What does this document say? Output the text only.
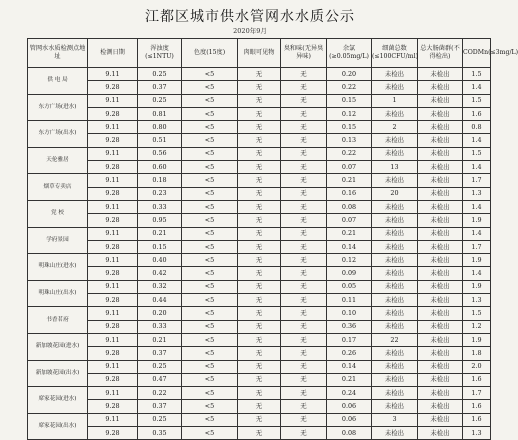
江都区城市供水管网水水质公示
2020年9月
管网水水质检测点地址	检测日期	浑浊度(≤1NTU)	色度(15度)	肉眼可见物	臭和味(无异臭异味)	余氯(≥0.05mg/L)	细菌总数(≤100CFU/ml)	总大肠菌群(不得检出)	CODMn(≤3mg/L)
供 电 局	9.11	0.25	<5	无	无	0.20	未检出	未检出	1.5
	9.28	0.37	<5	无	无	0.22	未检出	未检出	1.4
东方广场(进水)	9.11	0.25	<5	无	无	0.15	1	未检出	1.5
	9.28	0.81	<5	无	无	0.12	未检出	未检出	1.6
东方广场(出水)	9.11	0.80	<5	无	无	0.15	2	未检出	0.8
	9.28	0.51	<5	无	无	0.13	未检出	未检出	1.4
天伦雅居	9.11	0.56	<5	无	无	0.22	未检出	未检出	1.5
	9.28	0.60	<5	无	无	0.07	13	未检出	1.4
烟草专卖店	9.11	0.18	<5	无	无	0.21	未检出	未检出	1.7
	9.28	0.23	<5	无	无	0.16	20	未检出	1.3
党 校	9.11	0.33	<5	无	无	0.08	未检出	未检出	1.4
	9.28	0.95	<5	无	无	0.07	未检出	未检出	1.9
学府景园	9.11	0.21	<5	无	无	0.21	未检出	未检出	1.4
	9.28	0.15	<5	无	无	0.14	未检出	未检出	1.7
明珠山庄(进水)	9.11	0.40	<5	无	无	0.12	未检出	未检出	1.9
	9.28	0.42	<5	无	无	0.09	未检出	未检出	1.4
明珠山庄(出水)	9.11	0.32	<5	无	无	0.05	未检出	未检出	1.9
	9.28	0.44	<5	无	无	0.11	未检出	未检出	1.3
书香茗府	9.11	0.20	<5	无	无	0.10	未检出	未检出	1.5
	9.28	0.33	<5	无	无	0.36	未检出	未检出	1.2
新加坡花园(进水)	9.11	0.21	<5	无	无	0.17	22	未检出	1.9
	9.28	0.37	<5	无	无	0.26	未检出	未检出	1.8
新加坡花园(出水)	9.11	0.25	<5	无	无	0.14	未检出	未检出	2.0
	9.28	0.47	<5	无	无	0.21	未检出	未检出	1.6
席家花园(进水)	9.11	0.22	<5	无	无	0.24	未检出	未检出	1.7
	9.28	0.37	<5	无	无	0.06	未检出	未检出	1.6
席家花园(出水)	9.11	0.25	<5	无	无	0.06	3	未检出	1.6
	9.28	0.35	<5	无	无	0.08	未检出	未检出	1.3
